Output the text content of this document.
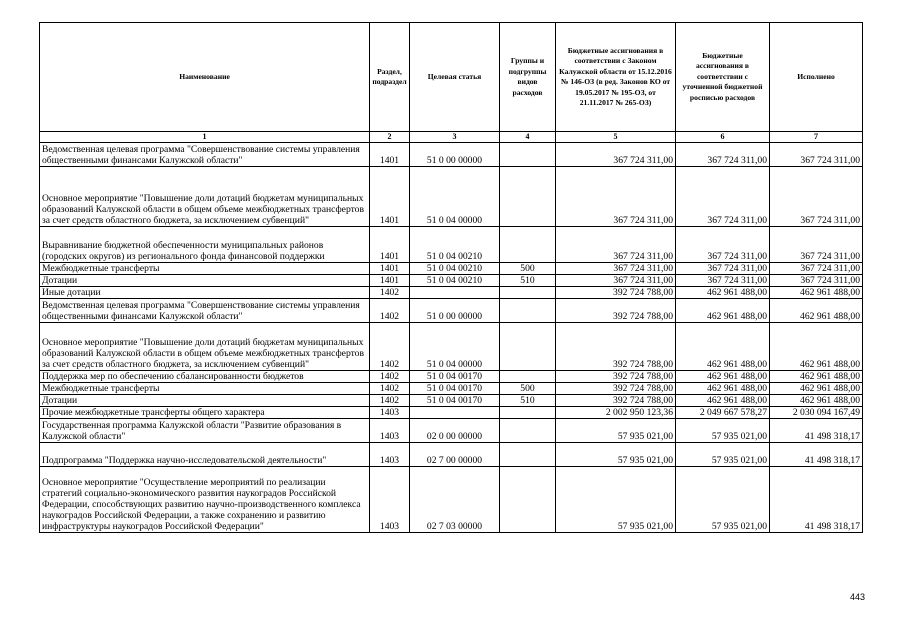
Наименование	Раздел, подраздел	Целевая статья	Группы и подгруппы видов расходов	Бюджетные ассигнования в соответствии с Законом Калужской области от 15.12.2016 № 146-ОЗ (в ред. Законов КО от 19.05.2017 № 195-ОЗ, от 21.11.2017 № 265-ОЗ)	Бюджетные ассигнования в соответствии с уточненной бюджетной росписью расходов	Исполнено
1	2	3	4	5	6	7
Ведомственная целевая программа "Совершенствование системы управления общественными финансами Калужской области"	1401	51 0 00 00000		367 724 311,00	367 724 311,00	367 724 311,00
Основное мероприятие "Повышение доли дотаций бюджетам муниципальных образований Калужской области в общем объеме межбюджетных трансфертов за счет средств областного бюджета, за исключением субвенций"	1401	51 0 04 00000		367 724 311,00	367 724 311,00	367 724 311,00
Выравнивание бюджетной обеспеченности муниципальных районов (городских округов) из регионального фонда финансовой поддержки	1401	51 0 04 00210		367 724 311,00	367 724 311,00	367 724 311,00
Межбюджетные трансферты	1401	51 0 04 00210	500	367 724 311,00	367 724 311,00	367 724 311,00
Дотации	1401	51 0 04 00210	510	367 724 311,00	367 724 311,00	367 724 311,00
Иные дотации	1402			392 724 788,00	462 961 488,00	462 961 488,00
Ведомственная целевая программа "Совершенствование системы управления общественными финансами Калужской области"	1402	51 0 00 00000		392 724 788,00	462 961 488,00	462 961 488,00
Основное мероприятие "Повышение доли дотаций бюджетам муниципальных образований Калужской области в общем объеме межбюджетных трансфертов за счет средств областного бюджета, за исключением субвенций"	1402	51 0 04 00000		392 724 788,00	462 961 488,00	462 961 488,00
Поддержка мер по обеспечению сбалансированности бюджетов	1402	51 0 04 00170		392 724 788,00	462 961 488,00	462 961 488,00
Межбюджетные трансферты	1402	51 0 04 00170	500	392 724 788,00	462 961 488,00	462 961 488,00
Дотации	1402	51 0 04 00170	510	392 724 788,00	462 961 488,00	462 961 488,00
Прочие межбюджетные трансферты общего характера	1403			2 002 950 123,36	2 049 667 578,27	2 030 094 167,49
Государственная программа Калужской области "Развитие образования в Калужской области"	1403	02 0 00 00000		57 935 021,00	57 935 021,00	41 498 318,17
Подпрограмма "Поддержка научно-исследовательской деятельности"	1403	02 7 00 00000		57 935 021,00	57 935 021,00	41 498 318,17
Основное мероприятие "Осуществление мероприятий по реализации стратегий социально-экономического развития наукоградов Российской Федерации, способствующих развитию научно-производственного комплекса наукоградов Российской Федерации, а также сохранению и развитию инфраструктуры наукоградов Российской Федерации"	1403	02 7 03 00000		57 935 021,00	57 935 021,00	41 498 318,17
443
